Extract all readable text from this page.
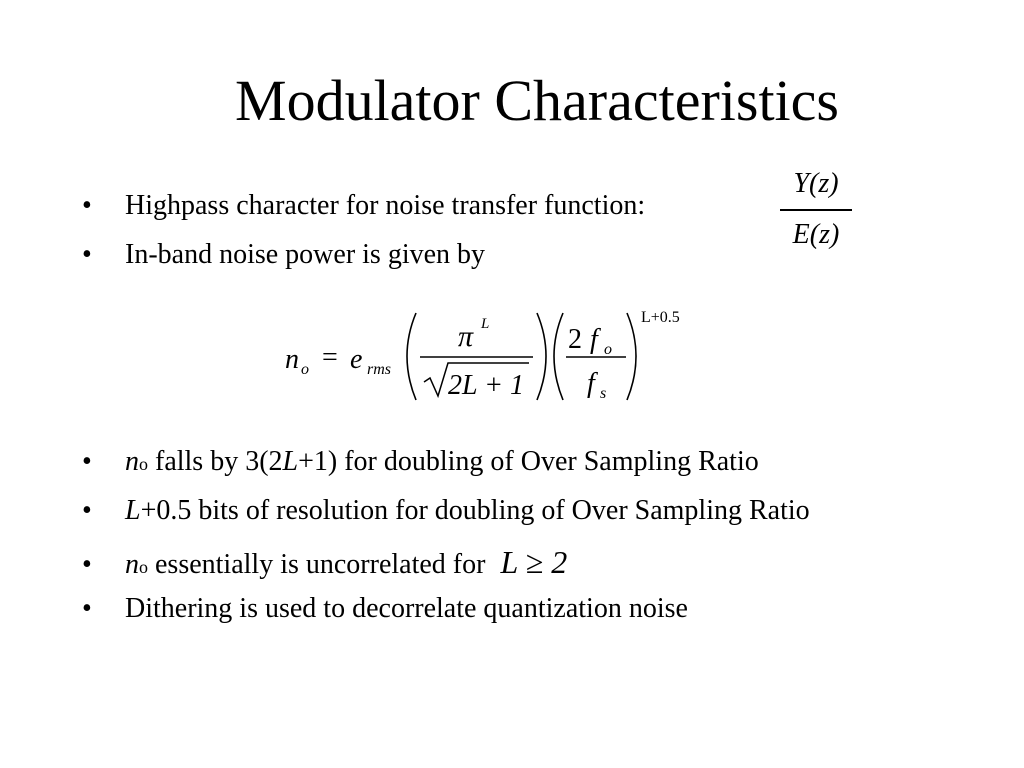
Modulator Characteristics
• Highpass character for noise transfer function:
Y(z)
E(z)
• In-band noise power is given by
n o = e rms
π L
2L + 1
2 f o
f s
L+0.5
• no falls by 3(2L+1) for doubling of Over Sampling Ratio
• L+0.5 bits of resolution for doubling of Over Sampling Ratio
• no essentially is uncorrelated for L ≥ 2
• Dithering is used to decorrelate quantization noise
